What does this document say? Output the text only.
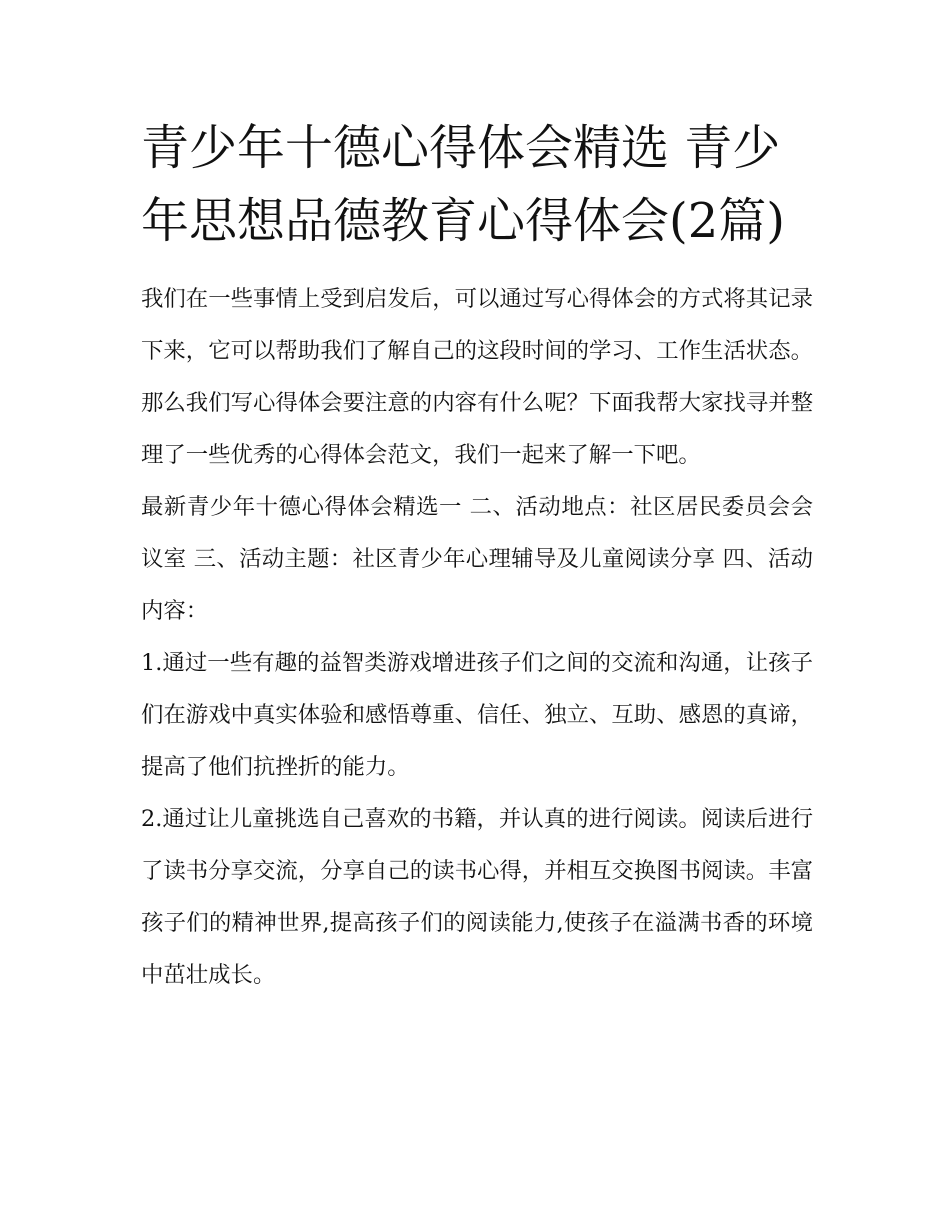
青少年十德心得体会精选 青少年思想品德教育心得体会(2篇)

我们在一些事情上受到启发后，可以通过写心得体会的方式将其记录下来，它可以帮助我们了解自己的这段时间的学习、工作生活状态。那么我们写心得体会要注意的内容有什么呢？下面我帮大家找寻并整理了一些优秀的心得体会范文，我们一起来了解一下吧。

最新青少年十德心得体会精选一 二、活动地点：社区居民委员会会议室 三、活动主题：社区青少年心理辅导及儿童阅读分享 四、活动内容：

1.通过一些有趣的益智类游戏增进孩子们之间的交流和沟通，让孩子们在游戏中真实体验和感悟尊重、信任、独立、互助、感恩的真谛，提高了他们抗挫折的能力。

2.通过让儿童挑选自己喜欢的书籍，并认真的进行阅读。阅读后进行了读书分享交流，分享自己的读书心得，并相互交换图书阅读。丰富孩子们的精神世界,提高孩子们的阅读能力,使孩子在溢满书香的环境中茁壮成长。
